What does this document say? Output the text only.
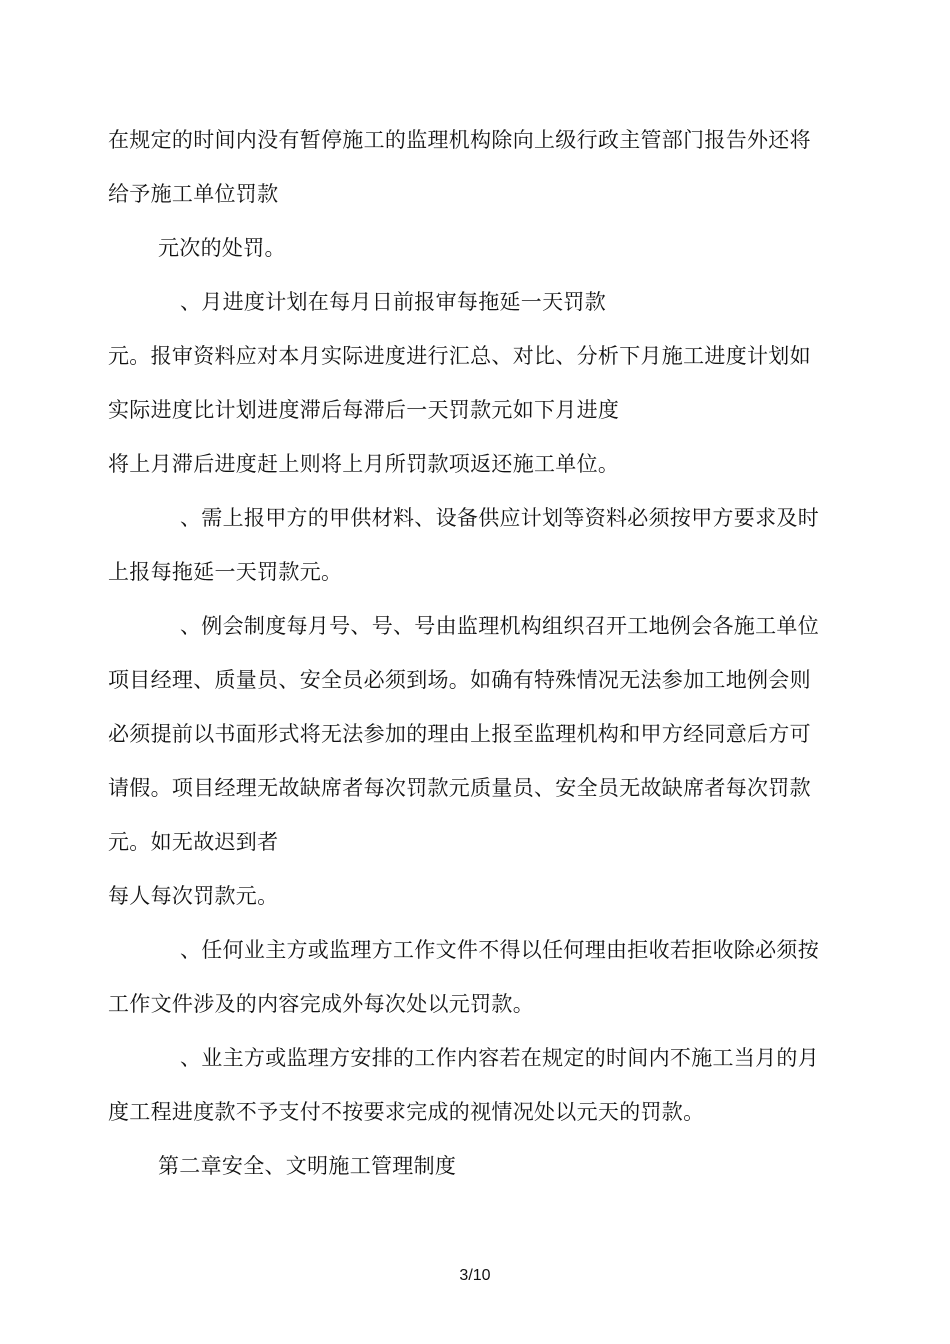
在规定的时间内没有暂停施工的监理机构除向上级行政主管部门报告外还将
给予施工单位罚款
元次的处罚。
、月进度计划在每月日前报审每拖延一天罚款
元。报审资料应对本月实际进度进行汇总、对比、分析下月施工进度计划如
实际进度比计划进度滞后每滞后一天罚款元如下月进度
将上月滞后进度赶上则将上月所罚款项返还施工单位。
、需上报甲方的甲供材料、设备供应计划等资料必须按甲方要求及时
上报每拖延一天罚款元。
、例会制度每月号、号、号由监理机构组织召开工地例会各施工单位
项目经理、质量员、安全员必须到场。如确有特殊情况无法参加工地例会则
必须提前以书面形式将无法参加的理由上报至监理机构和甲方经同意后方可
请假。项目经理无故缺席者每次罚款元质量员、安全员无故缺席者每次罚款
元。如无故迟到者
每人每次罚款元。
、任何业主方或监理方工作文件不得以任何理由拒收若拒收除必须按
工作文件涉及的内容完成外每次处以元罚款。
、业主方或监理方安排的工作内容若在规定的时间内不施工当月的月
度工程进度款不予支付不按要求完成的视情况处以元天的罚款。
第二章安全、文明施工管理制度
3/10
